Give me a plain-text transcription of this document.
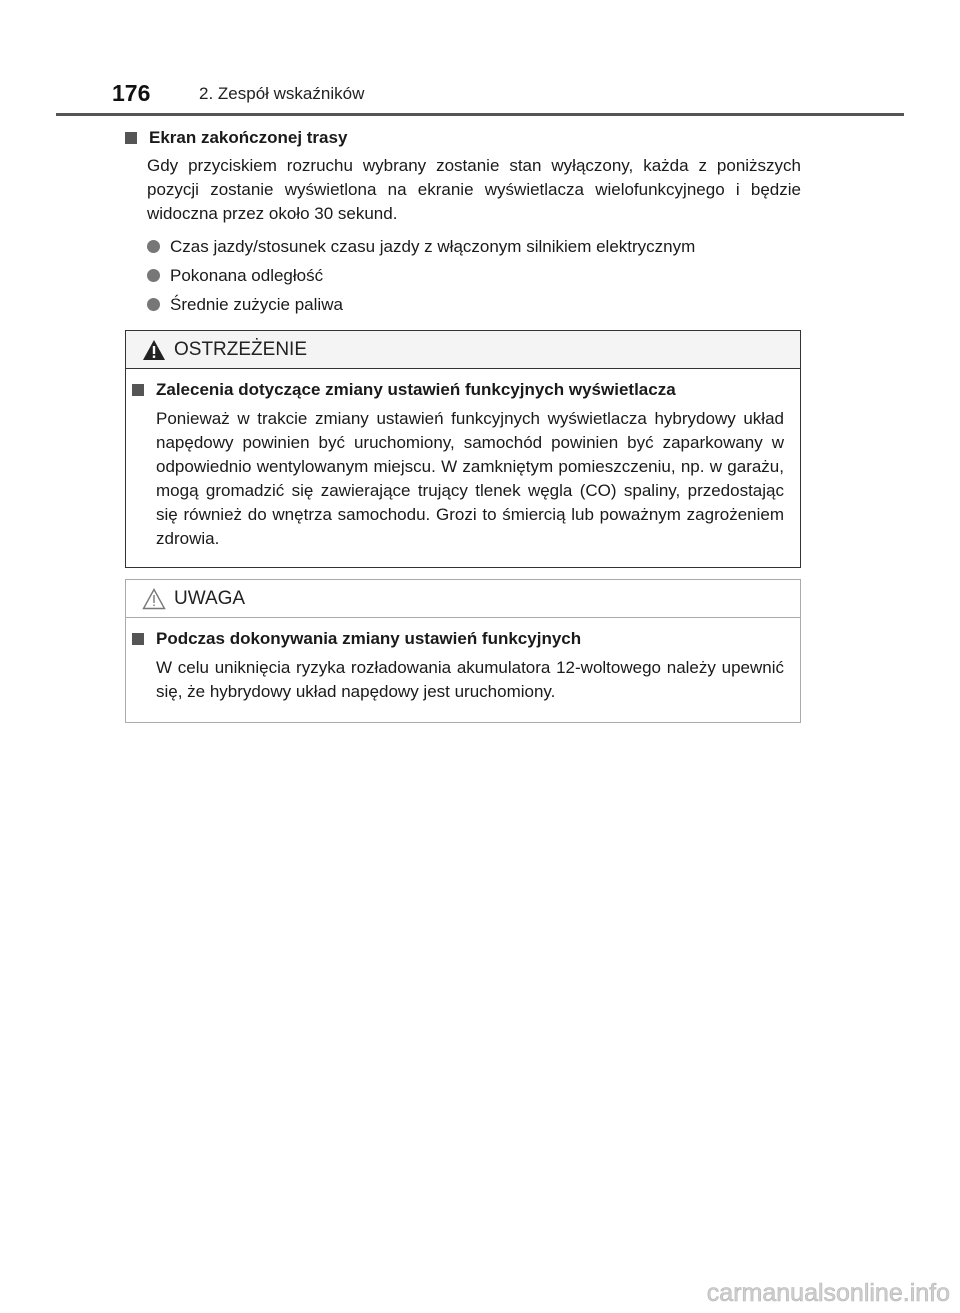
176	2. Zespół wskaźników
Ekran zakończonej trasy

Gdy przyciskiem rozruchu wybrany zostanie stan wyłączony, każda z poniższych pozycji zostanie wyświetlona na ekranie wyświetlacza wielofunkcyjnego i będzie widoczna przez około 30 sekund.

Czas jazdy/stosunek czasu jazdy z włączonym silnikiem elektrycznym
Pokonana odległość
Średnie zużycie paliwa
OSTRZEŻENIE
Zalecenia dotyczące zmiany ustawień funkcyjnych wyświetlacza

Ponieważ w trakcie zmiany ustawień funkcyjnych wyświetlacza hybrydowy układ napędowy powinien być uruchomiony, samochód powinien być zaparkowany w odpowiednio wentylowanym miejscu. W zamkniętym pomieszczeniu, np. w garażu, mogą gromadzić się zawierające trujący tlenek węgla (CO) spaliny, przedostając się również do wnętrza samochodu. Grozi to śmiercią lub poważnym zagrożeniem zdrowia.

UWAGA
Podczas dokonywania zmiany ustawień funkcyjnych

W celu uniknięcia ryzyka rozładowania akumulatora 12-woltowego należy upewnić się, że hybrydowy układ napędowy jest uruchomiony.

carmanualsonline.info
